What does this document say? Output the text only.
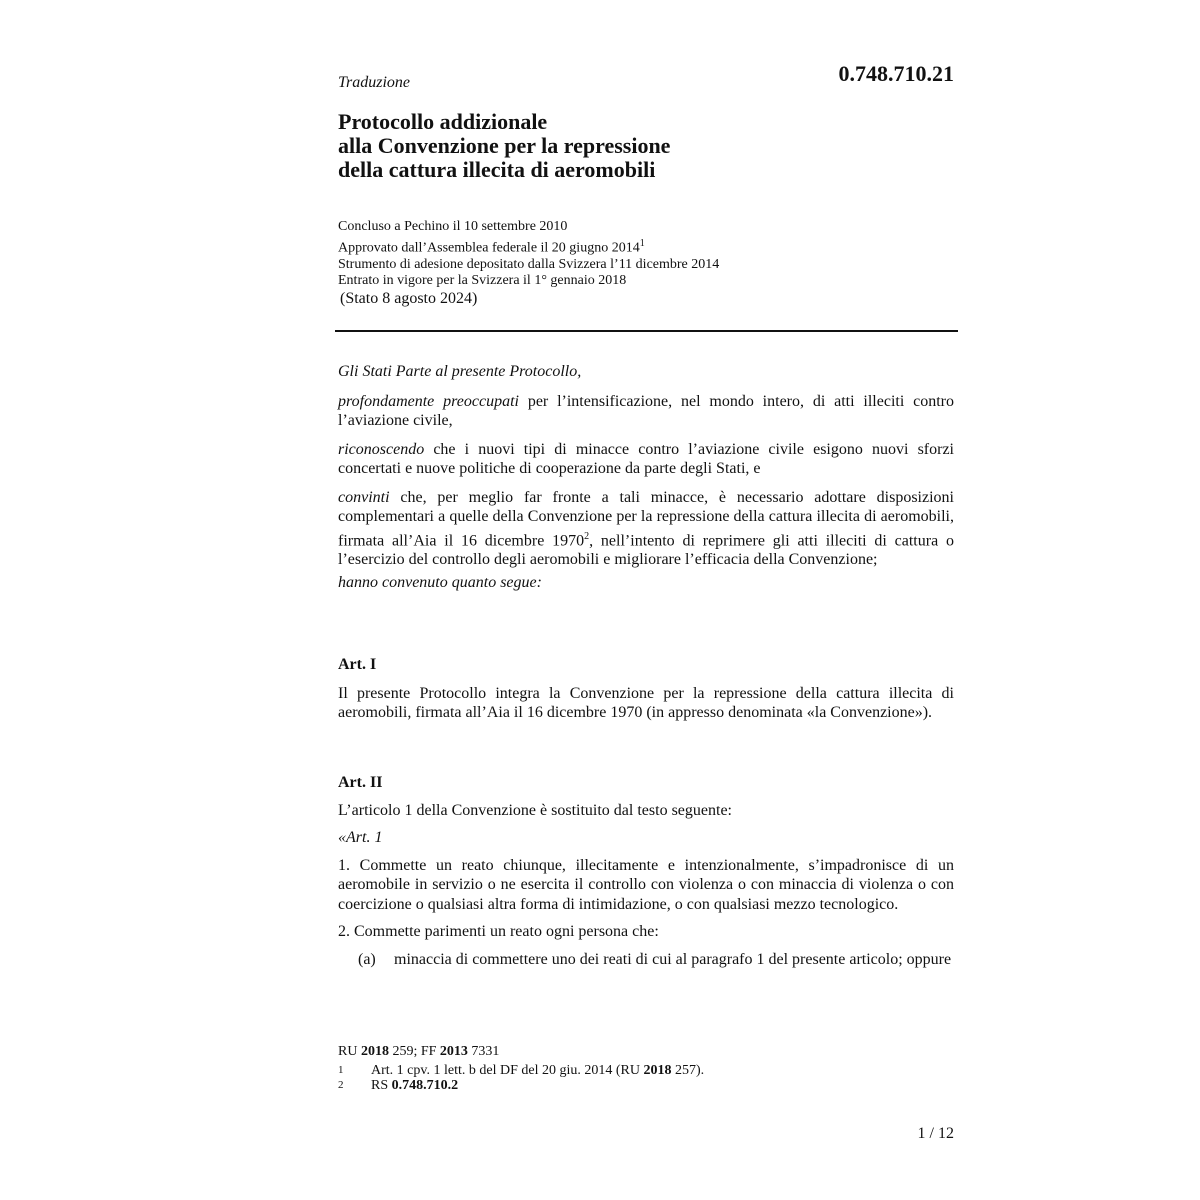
Traduzione	0.748.710.21
Protocollo addizionale
alla Convenzione per la repressione
della cattura illecita di aeromobili
Concluso a Pechino il 10 settembre 2010
Approvato dall’Assemblea federale il 20 giugno 2014$^1$
Strumento di adesione depositato dalla Svizzera l’11 dicembre 2014
Entrato in vigore per la Svizzera il 1° gennaio 2018
(Stato 8 agosto 2024)

Gli Stati Parte al presente Protocollo,

profondamente preoccupati per l’intensificazione, nel mondo intero, di atti illeciti contro l’aviazione civile,

riconoscendo che i nuovi tipi di minacce contro l’aviazione civile esigono nuovi sforzi concertati e nuove politiche di cooperazione da parte degli Stati, e

convinti che, per meglio far fronte a tali minacce, è necessario adottare disposizioni complementari a quelle della Convenzione per la repressione della cattura illecita di aeromobili, firmata all’Aia il 16 dicembre 1970$^2$, nell’intento di reprimere gli atti illeciti di cattura o l’esercizio del controllo degli aeromobili e migliorare l’efficacia della Convenzione;

hanno convenuto quanto segue:

Art. I

Il presente Protocollo integra la Convenzione per la repressione della cattura illecita di aeromobili, firmata all’Aia il 16 dicembre 1970 (in appresso denominata «la Convenzione»).

Art. II

L’articolo 1 della Convenzione è sostituito dal testo seguente:

«Art. 1

1. Commette un reato chiunque, illecitamente e intenzionalmente, s’impadronisce di un aeromobile in servizio o ne esercita il controllo con violenza o con minaccia di violenza o con coercizione o qualsiasi altra forma di intimidazione, o con qualsiasi mezzo tecnologico.

2. Commette parimenti un reato ogni persona che:

(a)	minaccia di commettere uno dei reati di cui al paragrafo 1 del presente articolo; oppure
RU 2018 259; FF 2013 7331
1	Art. 1 cpv. 1 lett. b del DF del 20 giu. 2014 (RU 2018 257).
2	RS 0.748.710.2
1 / 12
